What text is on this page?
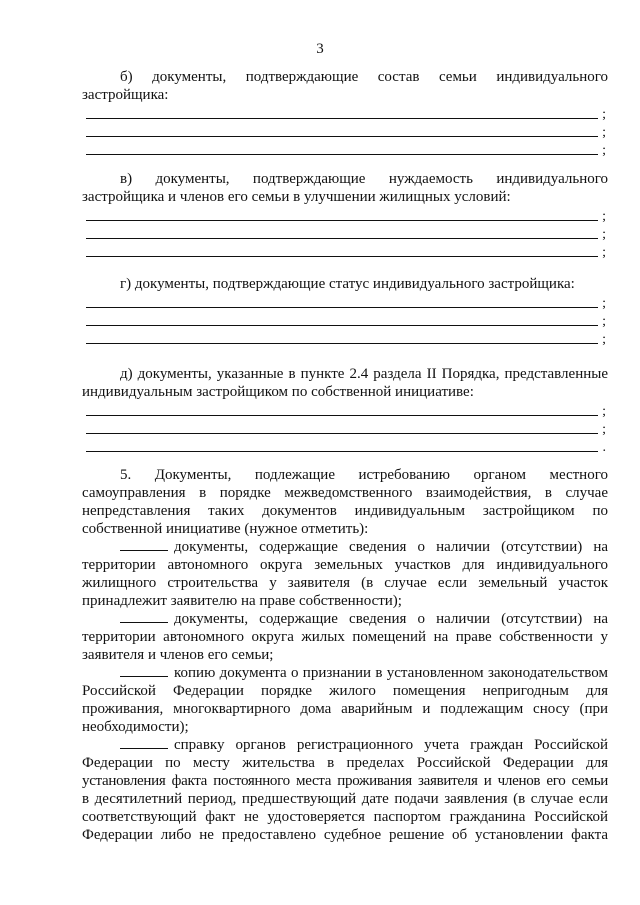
3

б) документы, подтверждающие состав семьи индивидуального

застройщика:

;
;
;

в) документы, подтверждающие нуждаемость индивидуального

застройщика и членов его семьи в улучшении жилищных условий:

;
;
;

г) документы, подтверждающие статус индивидуального застройщика:

;
;
;

д) документы, указанные в пункте 2.4 раздела II Порядка, представленные

индивидуальным застройщиком по собственной инициативе:

;
;
.

5. Документы, подлежащие истребованию органом местного

самоуправления в порядке межведомственного взаимодействия, в случае

непредставления таких документов индивидуальным застройщиком по

собственной инициативе (нужное отметить):

документы, содержащие сведения о наличии (отсутствии) на

территории автономного округа земельных участков для индивидуального

жилищного строительства у заявителя (в случае если земельный участок

принадлежит заявителю на праве собственности);

документы, содержащие сведения о наличии (отсутствии) на

территории автономного округа жилых помещений на праве собственности у

заявителя и членов его семьи;

копию документа о признании в установленном законодательством

Российской Федерации порядке жилого помещения непригодным для

проживания, многоквартирного дома аварийным и подлежащим сносу (при

необходимости);

справку органов регистрационного учета граждан Российской

Федерации по месту жительства в пределах Российской Федерации для

установления факта постоянного места проживания заявителя и членов его семьи

в десятилетний период, предшествующий дате подачи заявления (в случае если

соответствующий факт не удостоверяется паспортом гражданина Российской

Федерации либо не предоставлено судебное решение об установлении факта
